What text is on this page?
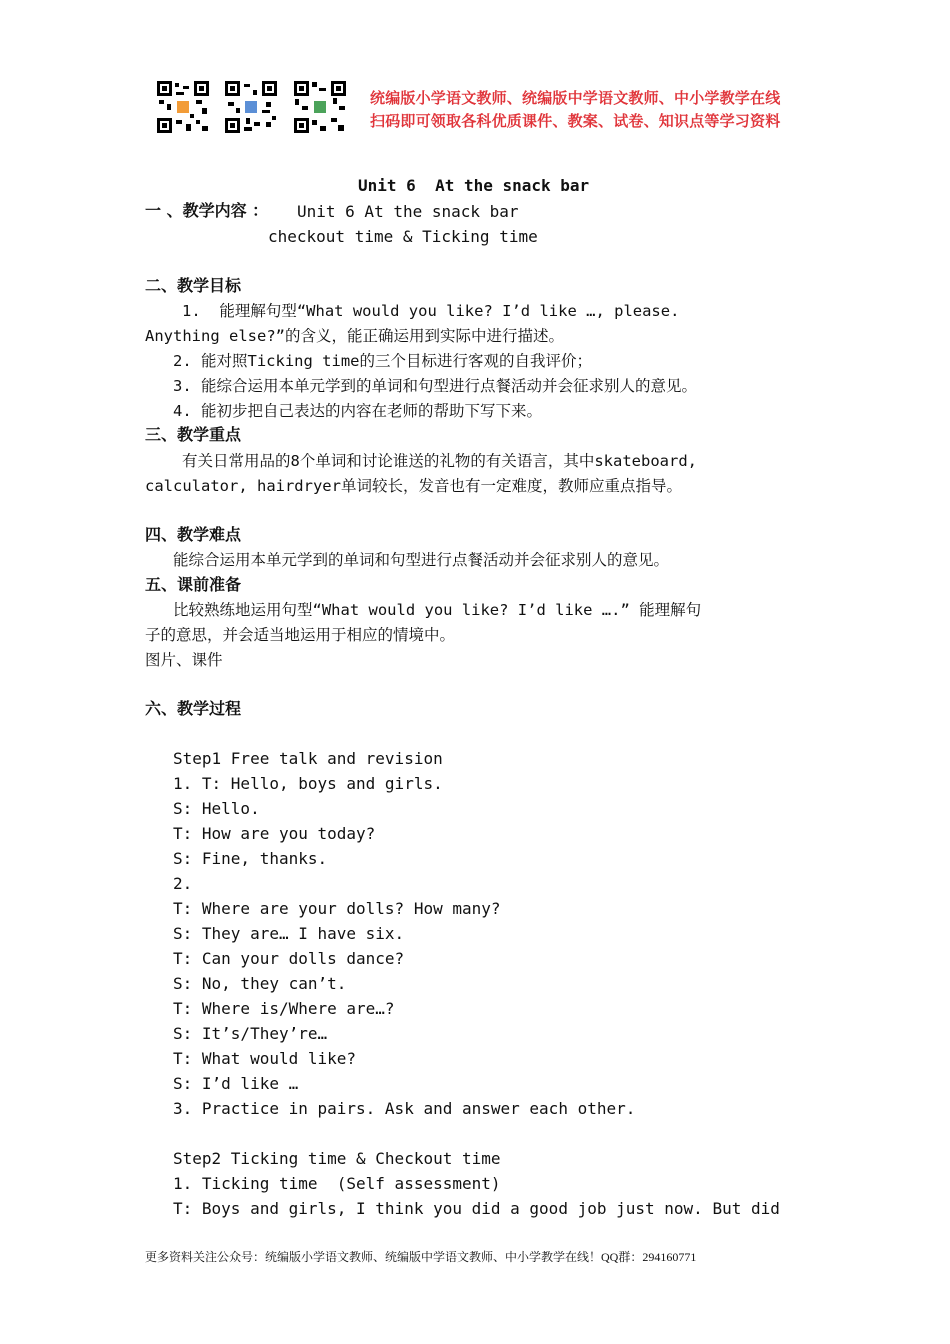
统编版小学语文教师、统编版中学语文教师、中小学教学在线
扫码即可领取各科优质课件、教案、试卷、知识点等学习资料
Unit 6  At the snack bar
一 、教学内容 ： Unit 6 At the snack bar
checkout time & Ticking time
二、教学目标
1.  能理解句型“What would you like? I’d like …, please.
Anything else?”的含义，能正确运用到实际中进行描述。
2. 能对照Ticking time的三个目标进行客观的自我评价；
3. 能综合运用本单元学到的单词和句型进行点餐活动并会征求别人的意见。
4. 能初步把自己表达的内容在老师的帮助下写下来。
三、教学重点
有关日常用品的8个单词和讨论谁送的礼物的有关语言，其中skateboard,
calculator, hairdryer单词较长，发音也有一定难度，教师应重点指导。
四、教学难点
能综合运用本单元学到的单词和句型进行点餐活动并会征求别人的意见。
五、课前准备
比较熟练地运用句型“What would you like? I’d like ….” 能理解句
子的意思，并会适当地运用于相应的情境中。
图片、课件
六、教学过程
Step1 Free talk and revision
1. T: Hello, boys and girls.
S: Hello.
T: How are you today?
S: Fine, thanks.
2.
T: Where are your dolls? How many?
S: They are… I have six.
T: Can your dolls dance?
S: No, they can’t.
T: Where is/Where are…?
S: It’s/They’re…
T: What would like?
S: I’d like …
3. Practice in pairs. Ask and answer each other.
Step2 Ticking time & Checkout time
1. Ticking time  (Self assessment)
T: Boys and girls, I think you did a good job just now. But did
更多资料关注公众号：统编版小学语文教师、统编版中学语文教师、中小学教学在线！QQ群：294160771
